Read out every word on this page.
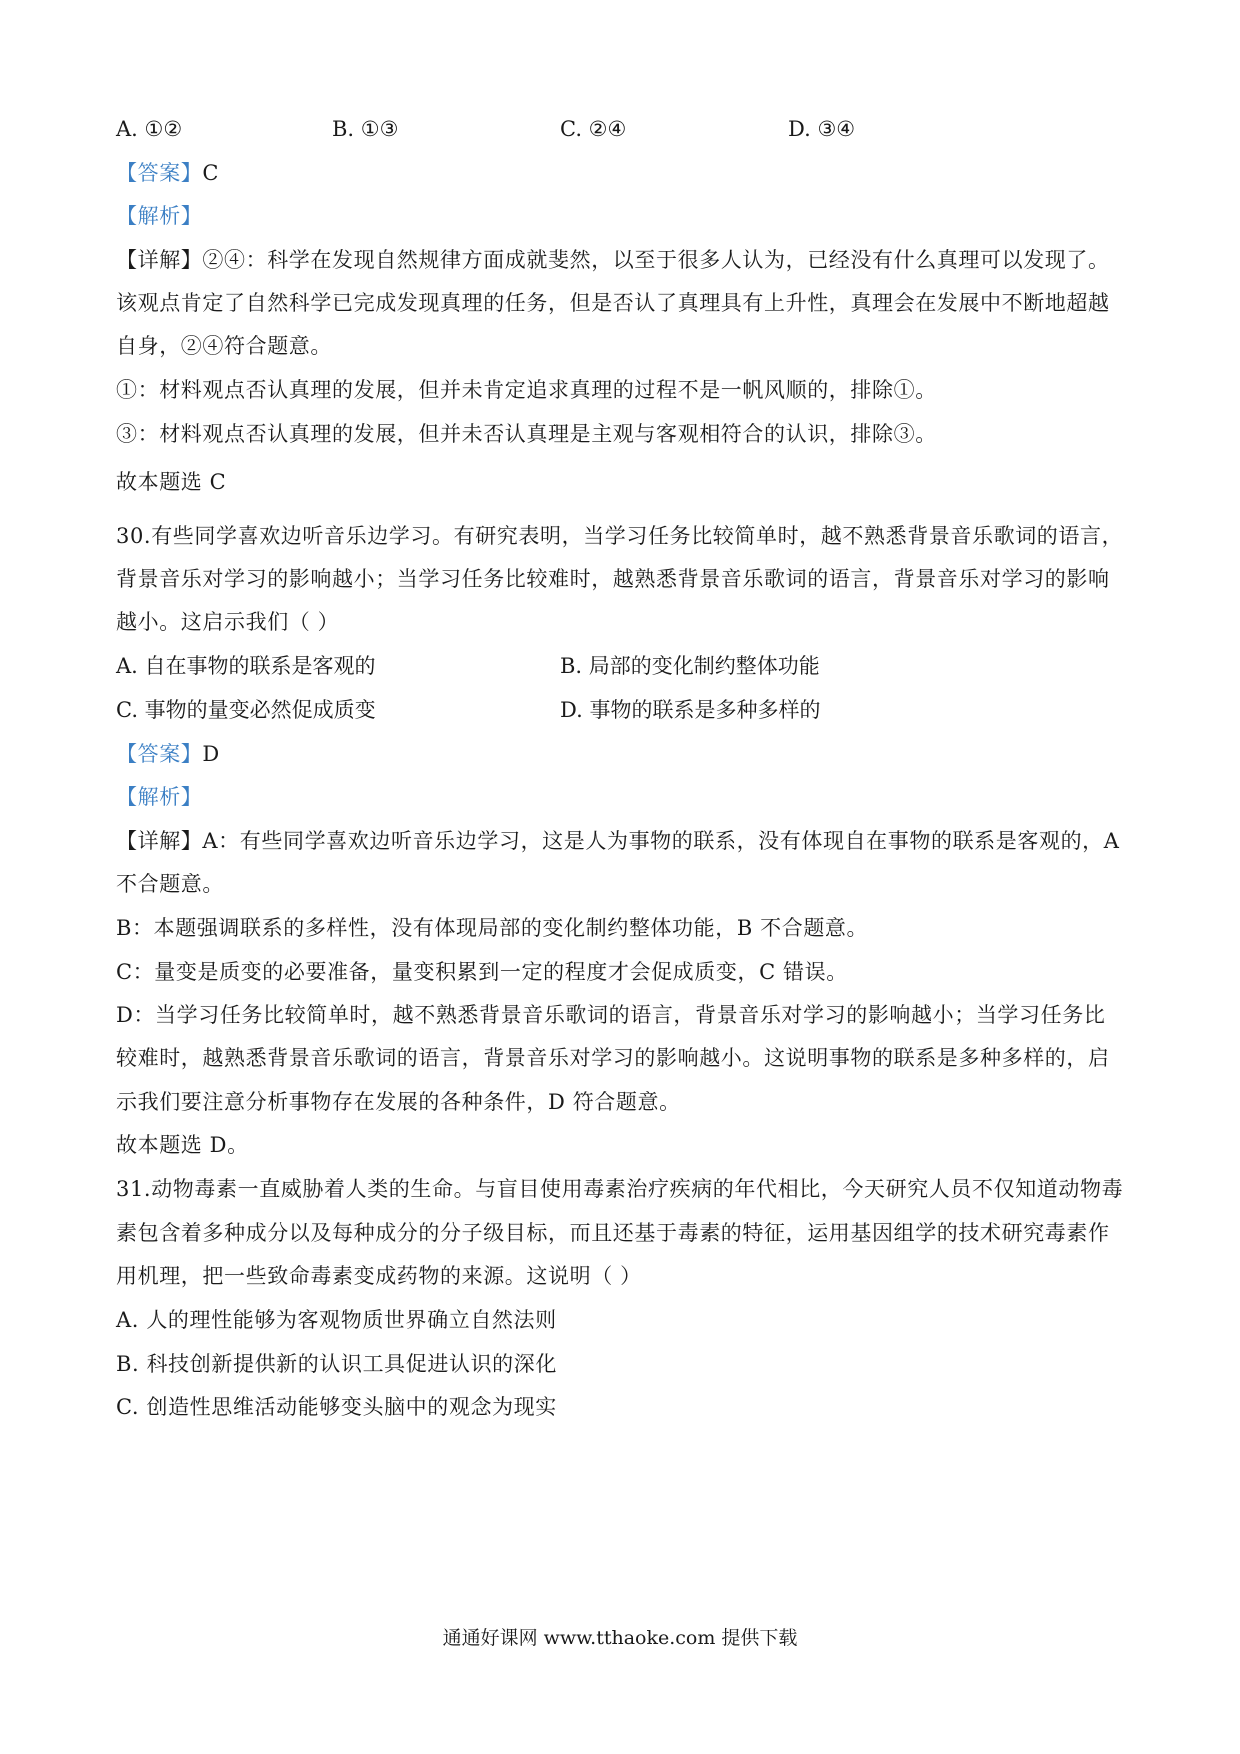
A. ①②	B. ①③	C. ②④	D. ③④
【答案】C
【解析】
【详解】②④：科学在发现自然规律方面成就斐然，以至于很多人认为，已经没有什么真理可以发现了。
该观点肯定了自然科学已完成发现真理的任务，但是否认了真理具有上升性，真理会在发展中不断地超越
自身，②④符合题意。
①：材料观点否认真理的发展，但并未肯定追求真理的过程不是一帆风顺的，排除①。
③：材料观点否认真理的发展，但并未否认真理是主观与客观相符合的认识，排除③。
故本题选 C
30.有些同学喜欢边听音乐边学习。有研究表明，当学习任务比较简单时，越不熟悉背景音乐歌词的语言，
背景音乐对学习的影响越小；当学习任务比较难时，越熟悉背景音乐歌词的语言，背景音乐对学习的影响
越小。这启示我们（ ）
A. 自在事物的联系是客观的	B. 局部的变化制约整体功能
C. 事物的量变必然促成质变	D. 事物的联系是多种多样的
【答案】D
【解析】
【详解】A：有些同学喜欢边听音乐边学习，这是人为事物的联系，没有体现自在事物的联系是客观的，A
不合题意。
B：本题强调联系的多样性，没有体现局部的变化制约整体功能，B 不合题意。
C：量变是质变的必要准备，量变积累到一定的程度才会促成质变，C 错误。
D：当学习任务比较简单时，越不熟悉背景音乐歌词的语言，背景音乐对学习的影响越小；当学习任务比
较难时，越熟悉背景音乐歌词的语言，背景音乐对学习的影响越小。这说明事物的联系是多种多样的，启
示我们要注意分析事物存在发展的各种条件，D 符合题意。
故本题选 D。
31.动物毒素一直威胁着人类的生命。与盲目使用毒素治疗疾病的年代相比，今天研究人员不仅知道动物毒
素包含着多种成分以及每种成分的分子级目标，而且还基于毒素的特征，运用基因组学的技术研究毒素作
用机理，把一些致命毒素变成药物的来源。这说明（ ）
A. 人的理性能够为客观物质世界确立自然法则
B. 科技创新提供新的认识工具促进认识的深化
C. 创造性思维活动能够变头脑中的观念为现实
通通好课网 www.tthaoke.com 提供下载
